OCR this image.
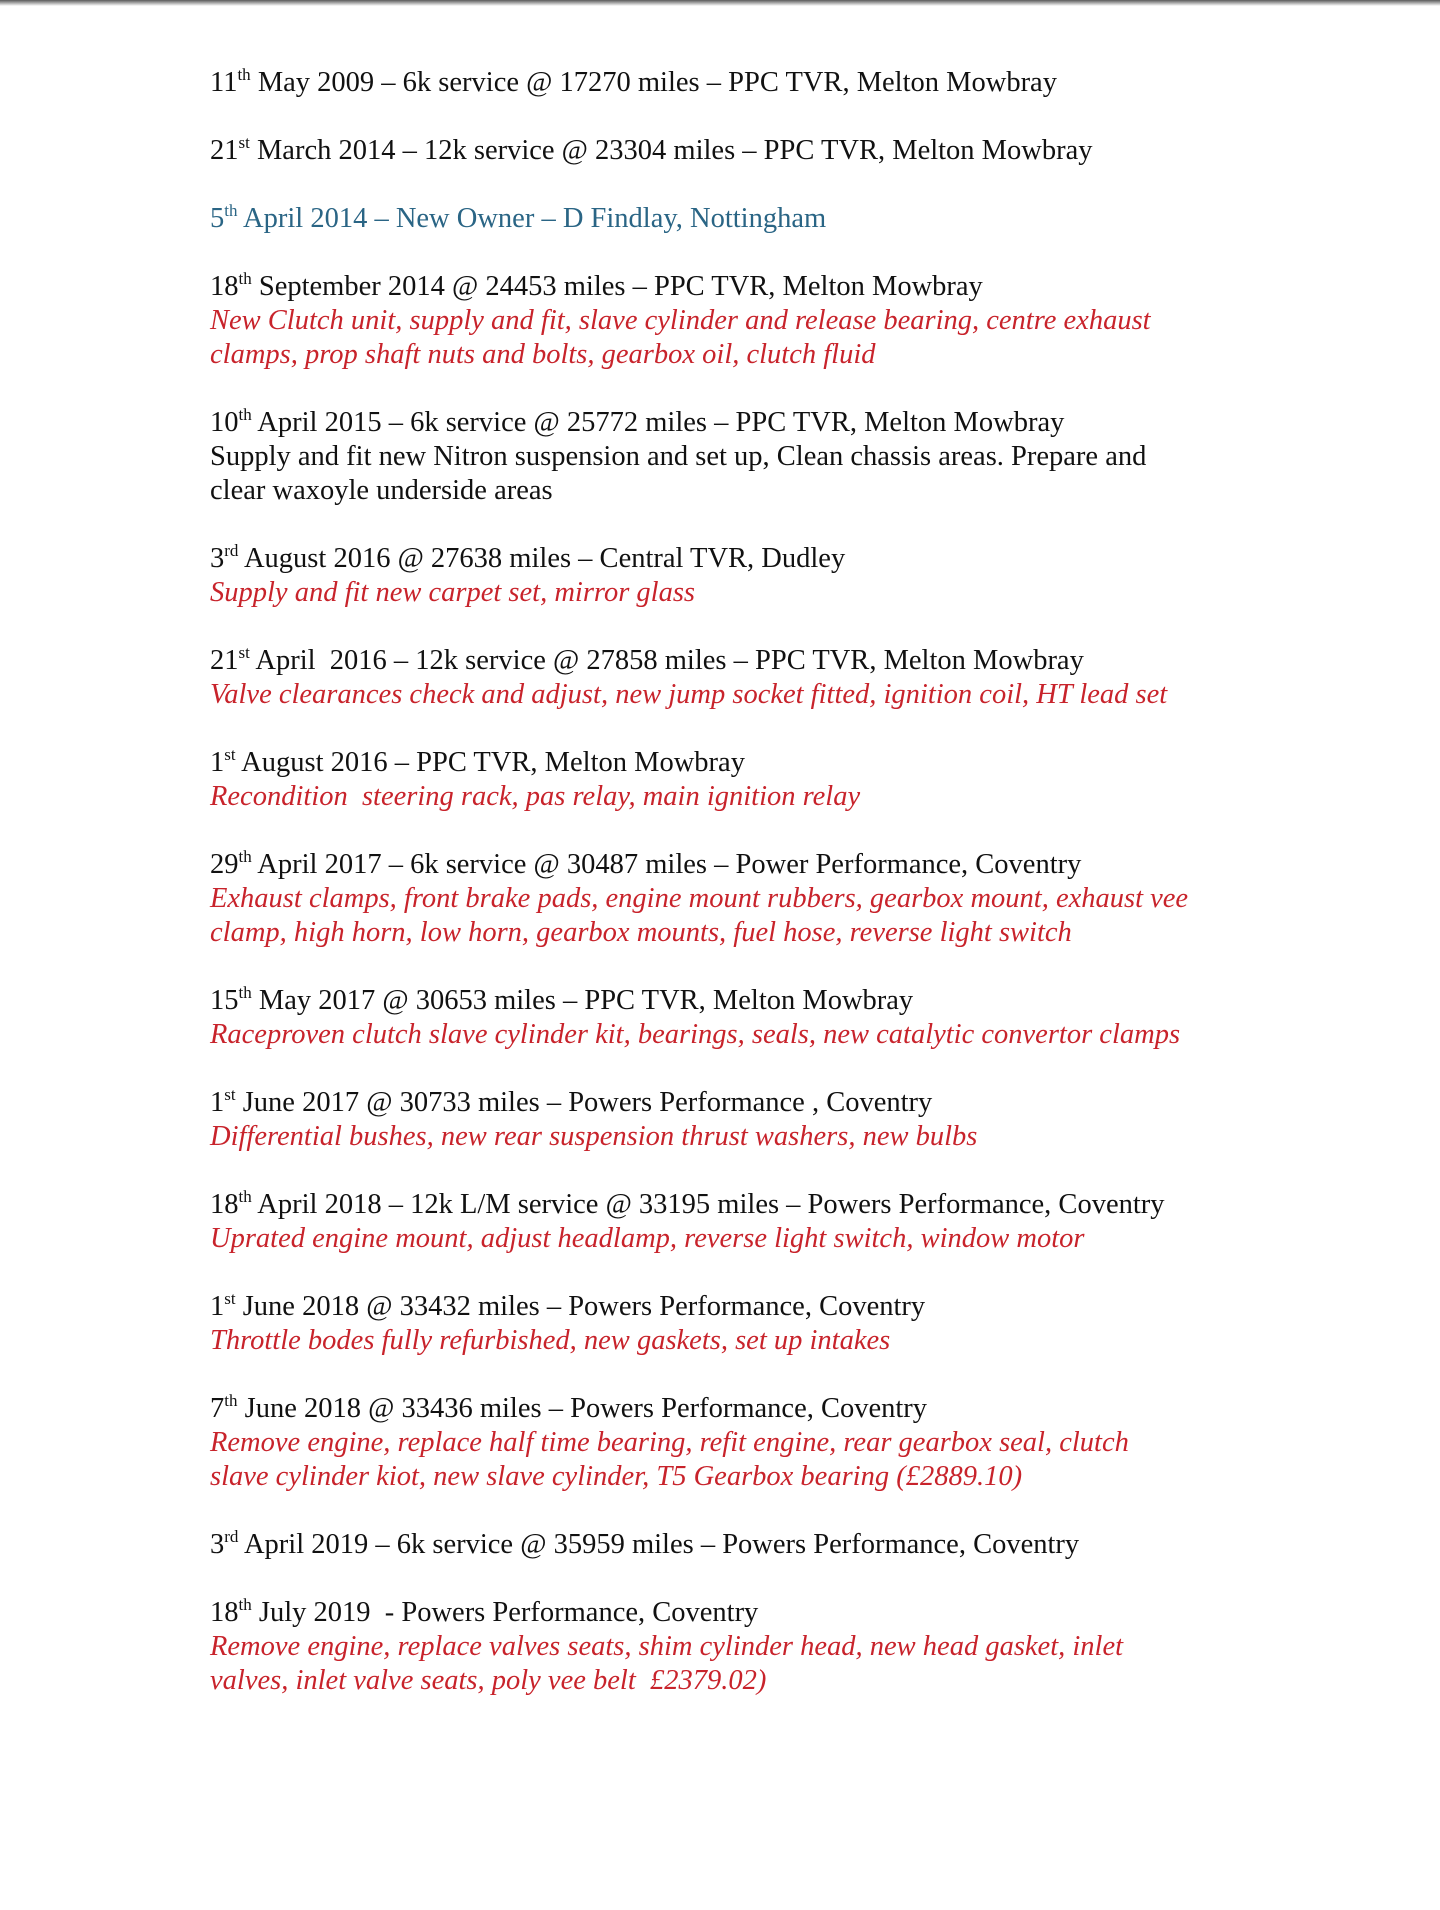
11th May 2009 – 6k service @ 17270 miles – PPC TVR, Melton Mowbray
21st March 2014 – 12k service @ 23304 miles – PPC TVR, Melton Mowbray
5th April 2014 – New Owner – D Findlay, Nottingham
18th September 2014 @ 24453 miles – PPC TVR, Melton Mowbray
New Clutch unit, supply and fit, slave cylinder and release bearing, centre exhaust
clamps, prop shaft nuts and bolts, gearbox oil, clutch fluid
10th April 2015 – 6k service @ 25772 miles – PPC TVR, Melton Mowbray
Supply and fit new Nitron suspension and set up, Clean chassis areas. Prepare and
clear waxoyle underside areas
3rd August 2016 @ 27638 miles – Central TVR, Dudley
Supply and fit new carpet set, mirror glass
21st April  2016 – 12k service @ 27858 miles – PPC TVR, Melton Mowbray
Valve clearances check and adjust, new jump socket fitted, ignition coil, HT lead set
1st August 2016 – PPC TVR, Melton Mowbray
Recondition  steering rack, pas relay, main ignition relay
29th April 2017 – 6k service @ 30487 miles – Power Performance, Coventry
Exhaust clamps, front brake pads, engine mount rubbers, gearbox mount, exhaust vee
clamp, high horn, low horn, gearbox mounts, fuel hose, reverse light switch
15th May 2017 @ 30653 miles – PPC TVR, Melton Mowbray
Raceproven clutch slave cylinder kit, bearings, seals, new catalytic convertor clamps
1st June 2017 @ 30733 miles – Powers Performance , Coventry
Differential bushes, new rear suspension thrust washers, new bulbs
18th April 2018 – 12k L/M service @ 33195 miles – Powers Performance, Coventry
Uprated engine mount, adjust headlamp, reverse light switch, window motor
1st June 2018 @ 33432 miles – Powers Performance, Coventry
Throttle bodes fully refurbished, new gaskets, set up intakes
7th June 2018 @ 33436 miles – Powers Performance, Coventry
Remove engine, replace half time bearing, refit engine, rear gearbox seal, clutch
slave cylinder kiot, new slave cylinder, T5 Gearbox bearing (£2889.10)
3rd April 2019 – 6k service @ 35959 miles – Powers Performance, Coventry
18th July 2019  - Powers Performance, Coventry
Remove engine, replace valves seats, shim cylinder head, new head gasket, inlet
valves, inlet valve seats, poly vee belt  £2379.02)
